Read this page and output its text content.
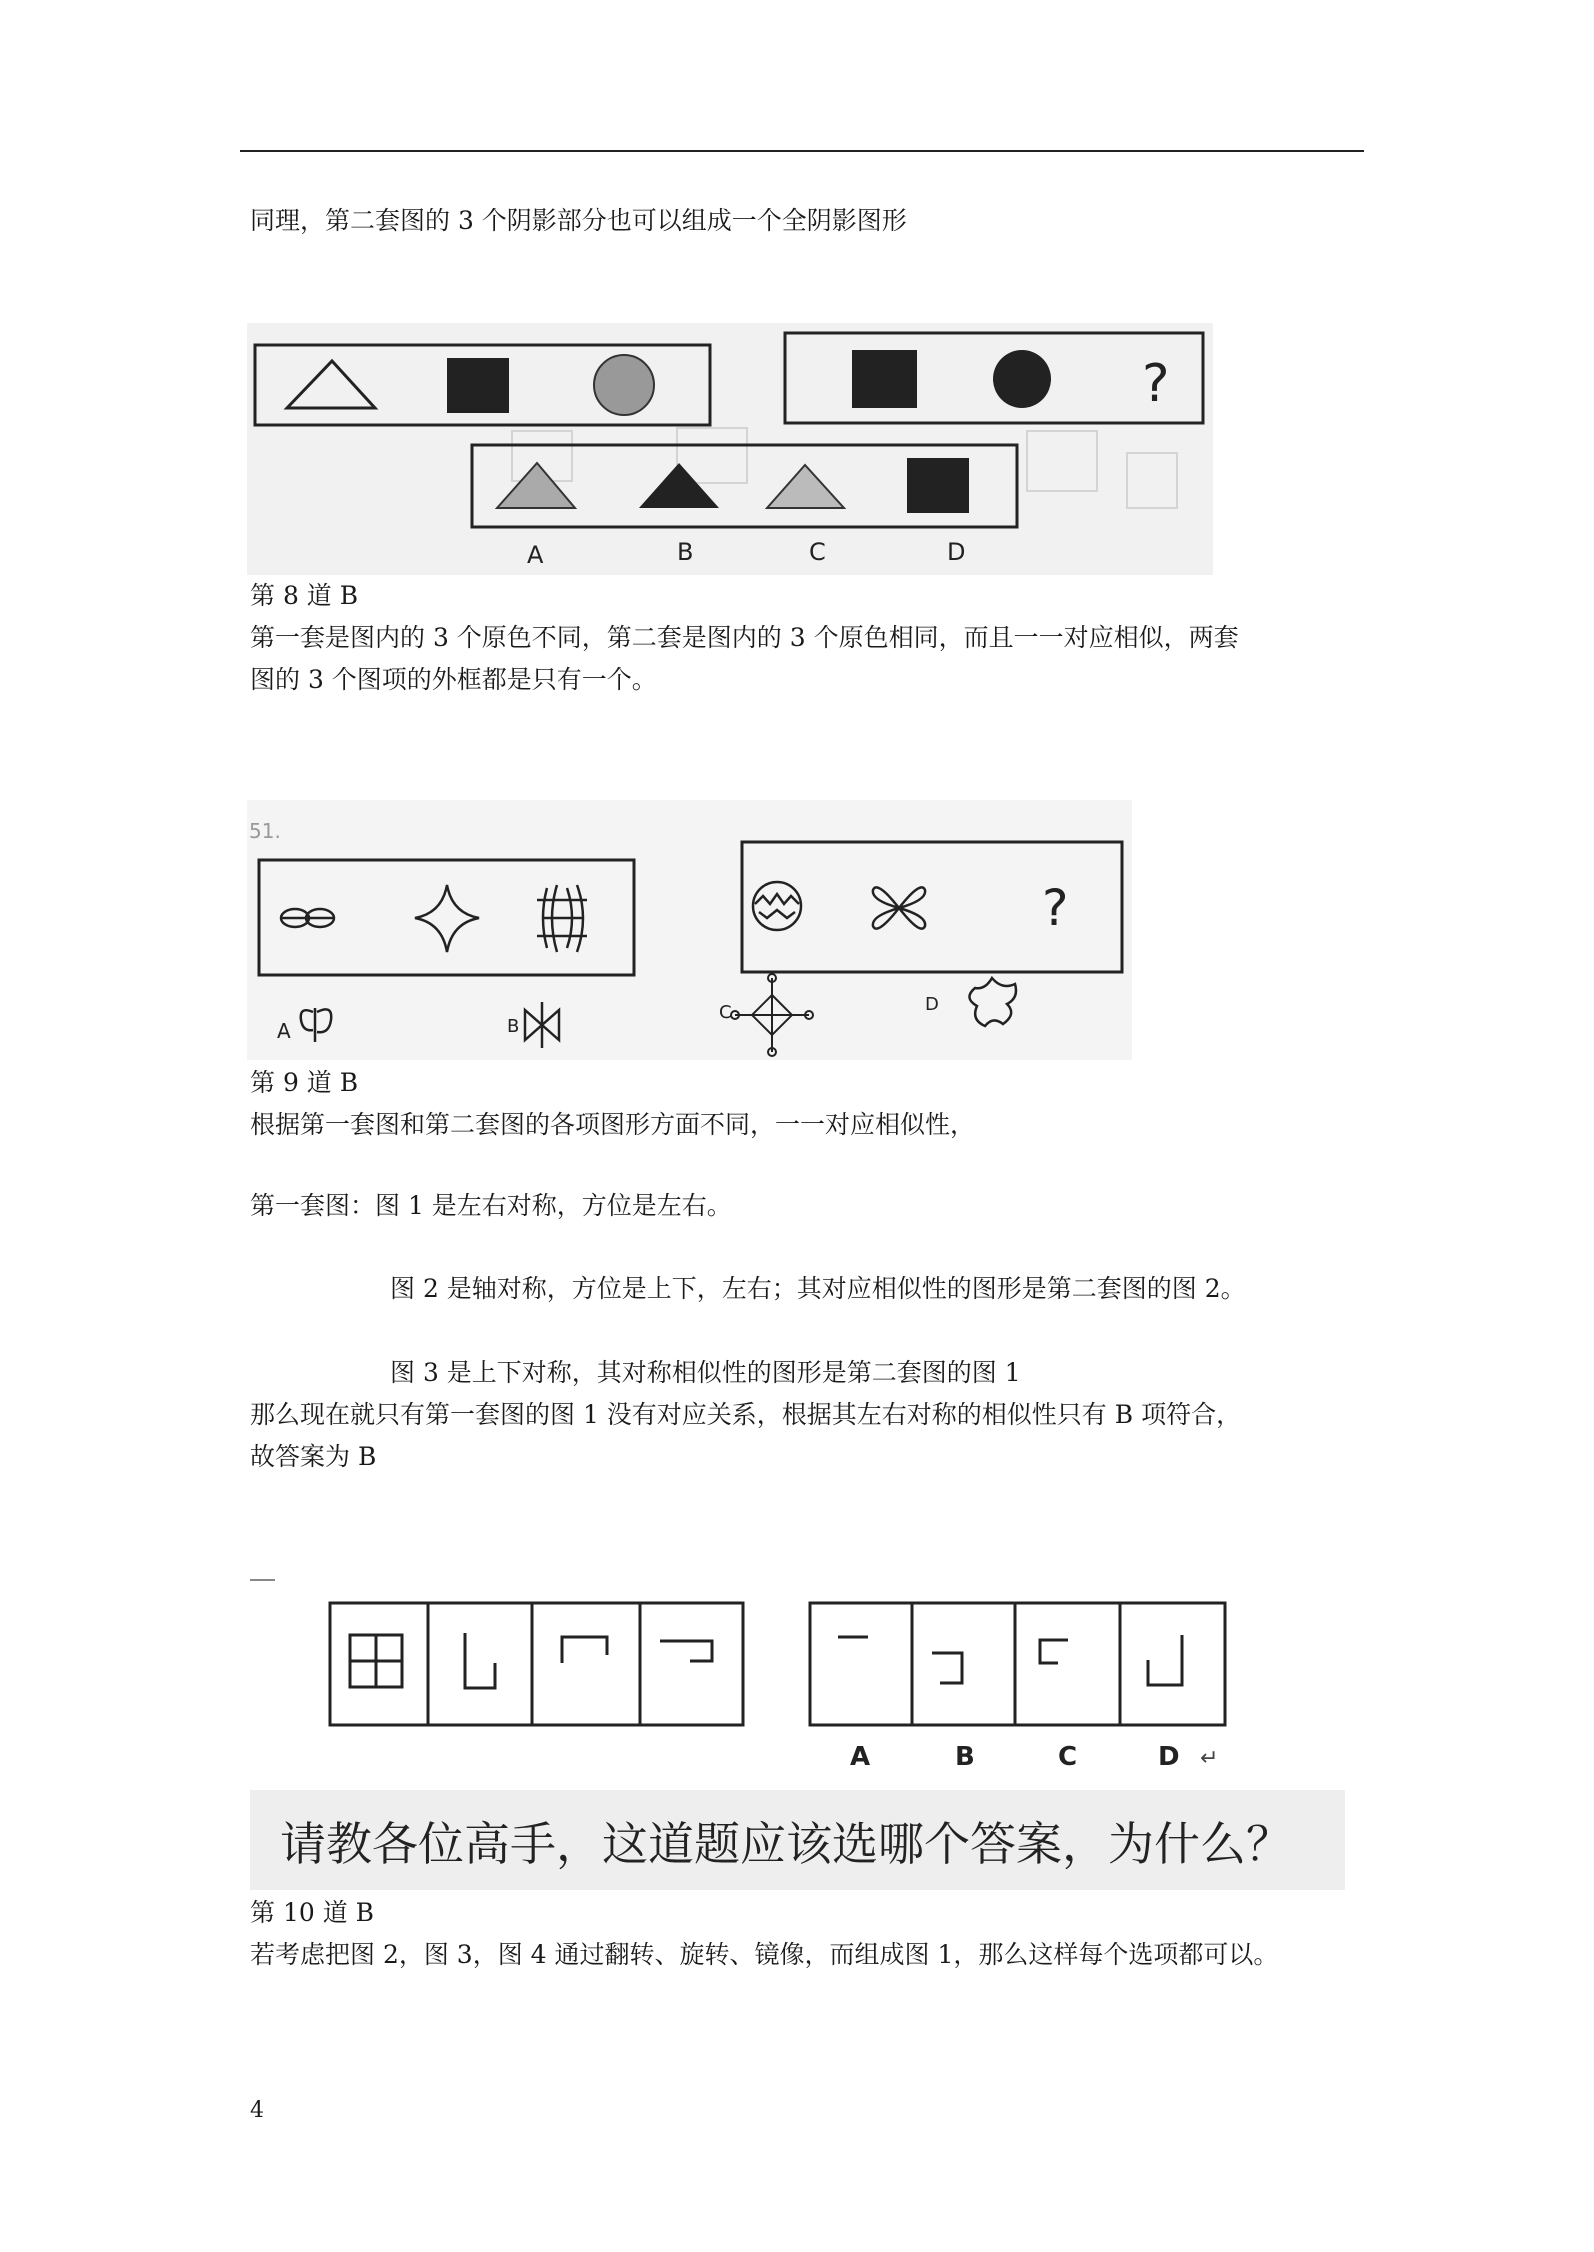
同理，第二套图的 3 个阴影部分也可以组成一个全阴影图形
?
A	B	C	D
第 8 道 B
第一套是图内的 3 个原色不同，第二套是图内的 3 个原色相同，而且一一对应相似，两套
图的 3 个图项的外框都是只有一个。
51.
?
A	B
C	D
第 9 道 B
根据第一套图和第二套图的各项图形方面不同，一一对应相似性，
第一套图：图 1 是左右对称，方位是左右。
图 2 是轴对称，方位是上下，左右；其对应相似性的图形是第二套图的图 2。
图 3 是上下对称，其对称相似性的图形是第二套图的图 1
那么现在就只有第一套图的图 1 没有对应关系，根据其左右对称的相似性只有 B 项符合，
故答案为 B
A	B	C	D ↵
请教各位高手，这道题应该选哪个答案，为什么？
第 10 道 B
若考虑把图 2，图 3，图 4 通过翻转、旋转、镜像，而组成图 1，那么这样每个选项都可以。
4
